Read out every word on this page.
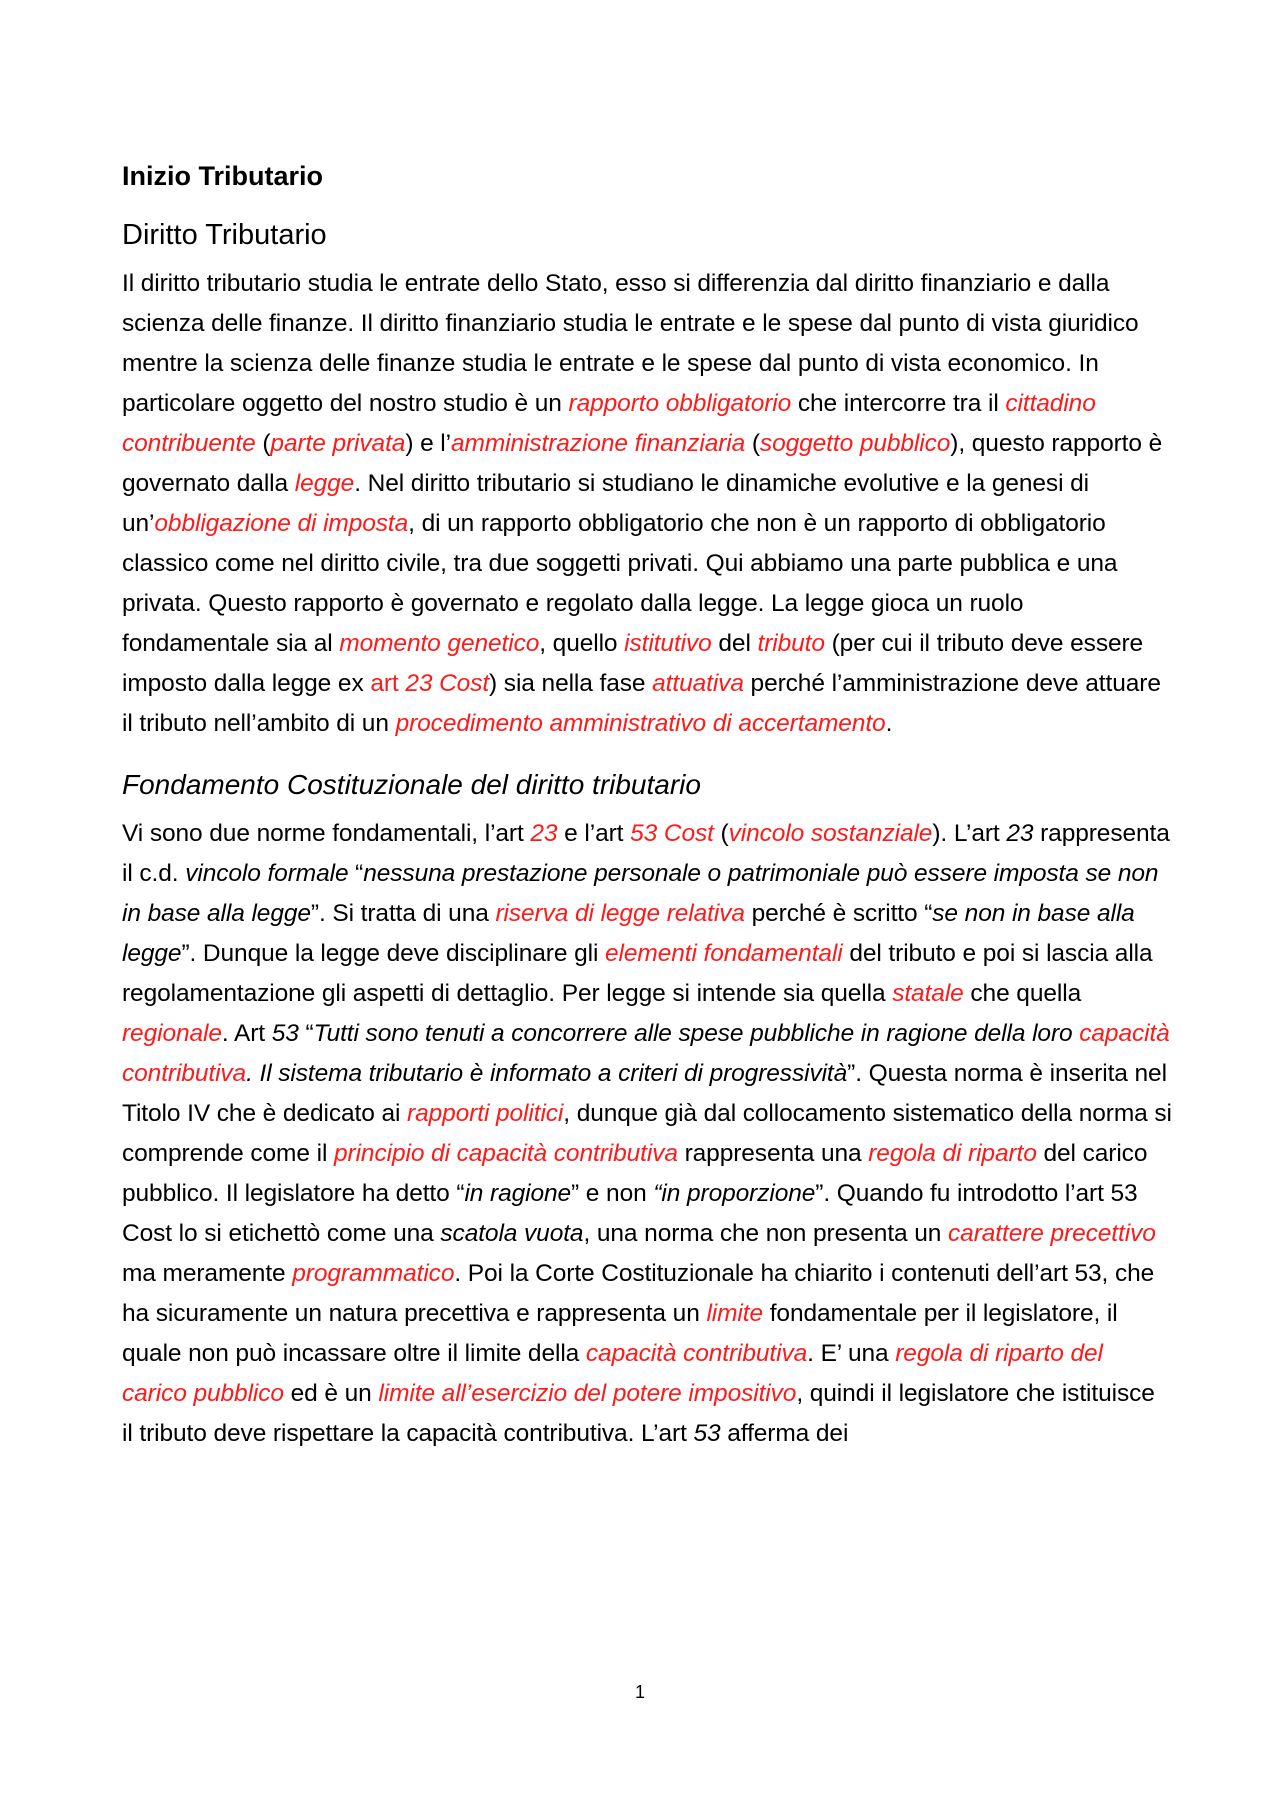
Inizio Tributario
Diritto Tributario

Il diritto tributario studia le entrate dello Stato, esso si differenzia dal diritto finanziario e dalla scienza delle finanze. Il diritto finanziario studia le entrate e le spese dal punto di vista giuridico mentre la scienza delle finanze studia le entrate e le spese dal punto di vista economico. In particolare oggetto del nostro studio è un rapporto obbligatorio che intercorre tra il cittadino contribuente (parte privata) e l’amministrazione finanziaria (soggetto pubblico), questo rapporto è governato dalla legge. Nel diritto tributario si studiano le dinamiche evolutive e la genesi di un’obbligazione di imposta, di un rapporto obbligatorio che non è un rapporto di obbligatorio classico come nel diritto civile, tra due soggetti privati. Qui abbiamo una parte pubblica e una privata. Questo rapporto è governato e regolato dalla legge. La legge gioca un ruolo fondamentale sia al momento genetico, quello istitutivo del tributo (per cui il tributo deve essere imposto dalla legge ex art 23 Cost) sia nella fase attuativa perché l’amministrazione deve attuare il tributo nell’ambito di un procedimento amministrativo di accertamento.

Fondamento Costituzionale del diritto tributario

Vi sono due norme fondamentali, l’art 23 e l’art 53 Cost (vincolo sostanziale). L’art 23 rappresenta il c.d. vincolo formale “nessuna prestazione personale o patrimoniale può essere imposta se non in base alla legge”. Si tratta di una riserva di legge relativa perché è scritto “se non in base alla legge”. Dunque la legge deve disciplinare gli elementi fondamentali del tributo e poi si lascia alla regolamentazione gli aspetti di dettaglio. Per legge si intende sia quella statale che quella regionale. Art 53 “Tutti sono tenuti a concorrere alle spese pubbliche in ragione della loro capacità contributiva. Il sistema tributario è informato a criteri di progressività”. Questa norma è inserita nel Titolo IV che è dedicato ai rapporti politici, dunque già dal collocamento sistematico della norma si comprende come il principio di capacità contributiva rappresenta una regola di riparto del carico pubblico. Il legislatore ha detto “in ragione” e non “in proporzione”. Quando fu introdotto l’art 53 Cost lo si etichettò come una scatola vuota, una norma che non presenta un carattere precettivo ma meramente programmatico. Poi la Corte Costituzionale ha chiarito i contenuti dell’art 53, che ha sicuramente un natura precettiva e rappresenta un limite fondamentale per il legislatore, il quale non può incassare oltre il limite della capacità contributiva. E’ una regola di riparto del carico pubblico ed è un limite all’esercizio del potere impositivo, quindi il legislatore che istituisce il tributo deve rispettare la capacità contributiva. L’art 53 afferma dei

1
